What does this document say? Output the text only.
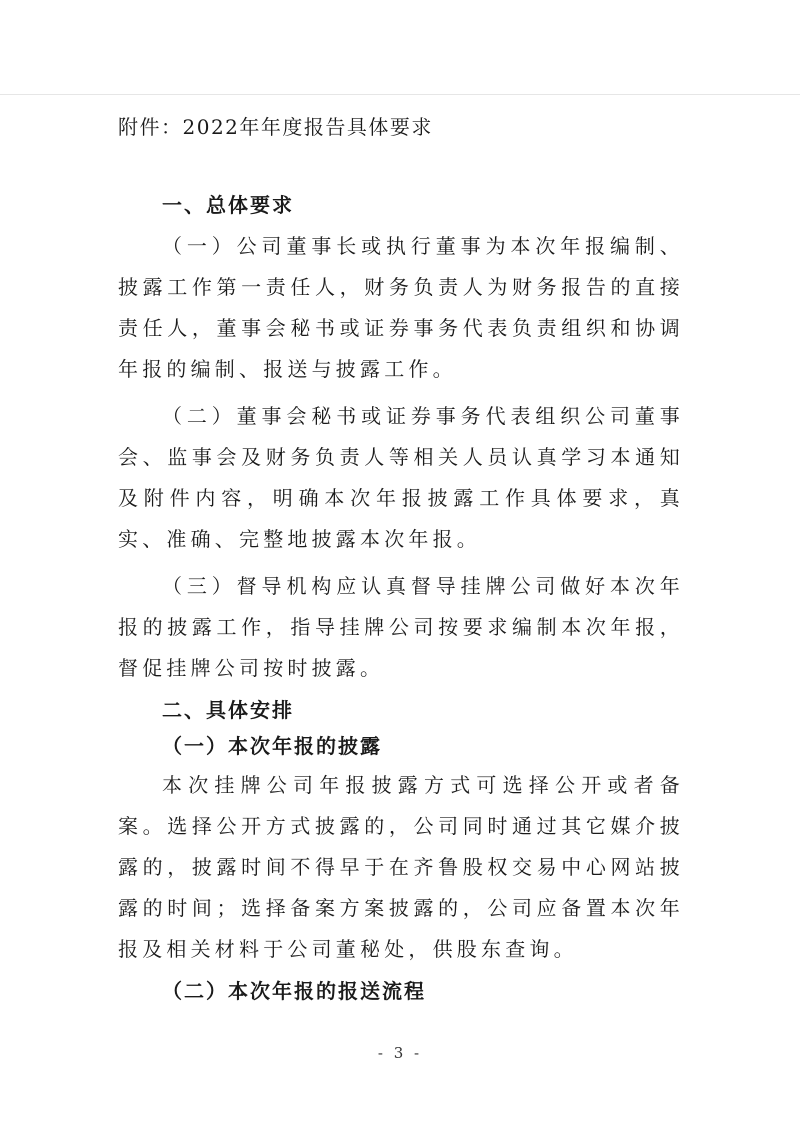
附件：2022年年度报告具体要求
一、总体要求

（一）公司董事长或执行董事为本次年报编制、披露工作第一责任人，财务负责人为财务报告的直接责任人，董事会秘书或证券事务代表负责组织和协调年报的编制、报送与披露工作。

（二）董事会秘书或证券事务代表组织公司董事会、监事会及财务负责人等相关人员认真学习本通知及附件内容，明确本次年报披露工作具体要求，真实、准确、完整地披露本次年报。

（三）督导机构应认真督导挂牌公司做好本次年报的披露工作，指导挂牌公司按要求编制本次年报，督促挂牌公司按时披露。

二、具体安排
（一）本次年报的披露

本次挂牌公司年报披露方式可选择公开或者备案。选择公开方式披露的，公司同时通过其它媒介披露的，披露时间不得早于在齐鲁股权交易中心网站披露的时间；选择备案方案披露的，公司应备置本次年报及相关材料于公司董秘处，供股东查询。

（二）本次年报的报送流程
- 3 -
